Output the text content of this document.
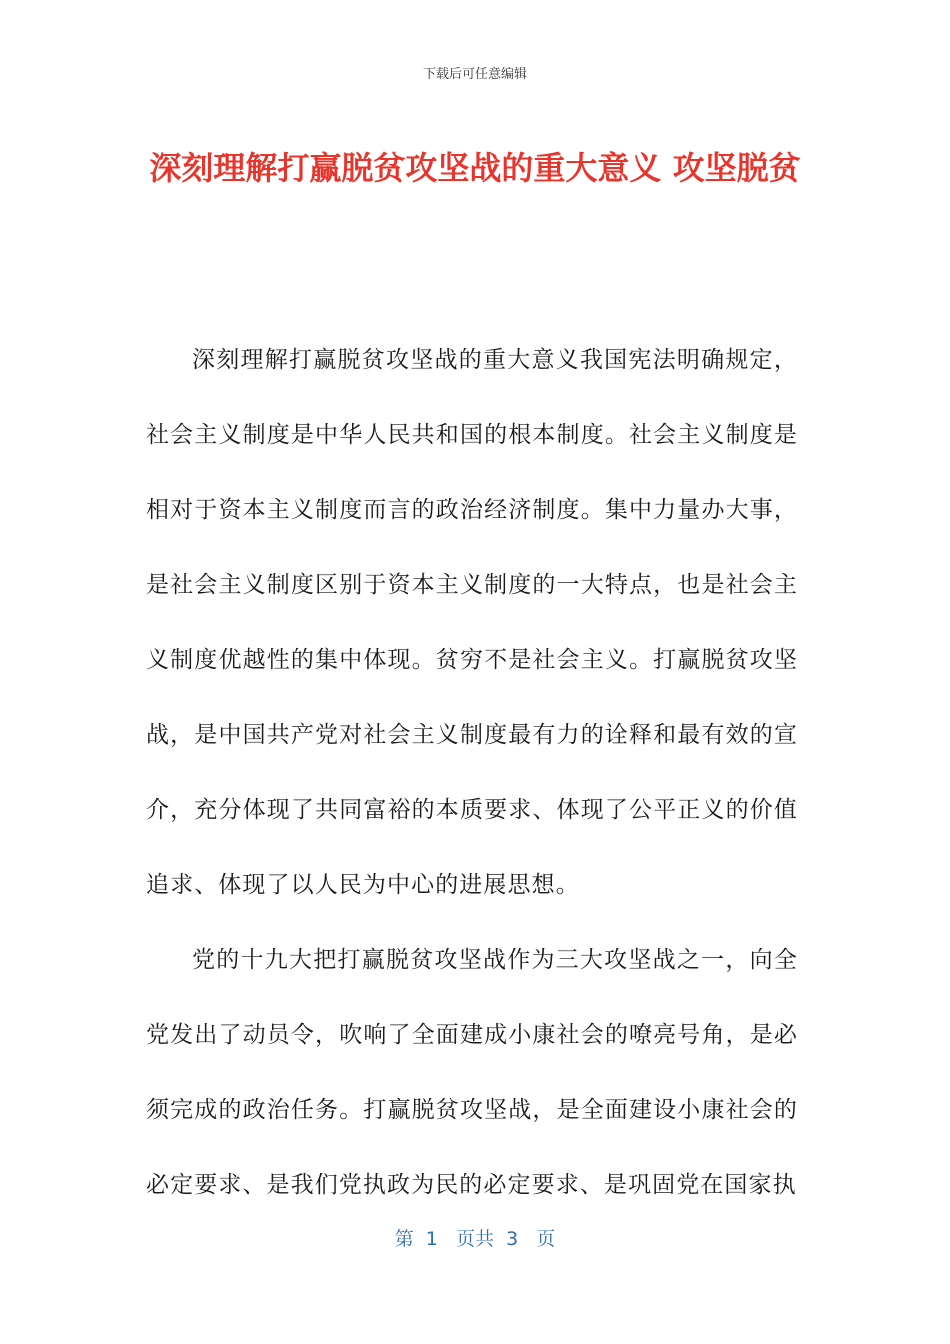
下载后可任意编辑
深刻理解打赢脱贫攻坚战的重大意义 攻坚脱贫

深刻理解打赢脱贫攻坚战的重大意义我国宪法明确规定，社会主义制度是中华人民共和国的根本制度。社会主义制度是相对于资本主义制度而言的政治经济制度。集中力量办大事，是社会主义制度区别于资本主义制度的一大特点，也是社会主义制度优越性的集中体现。贫穷不是社会主义。打赢脱贫攻坚战，是中国共产党对社会主义制度最有力的诠释和最有效的宣介，充分体现了共同富裕的本质要求、体现了公平正义的价值追求、体现了以人民为中心的进展思想。

党的十九大把打赢脱贫攻坚战作为三大攻坚战之一，向全党发出了动员令，吹响了全面建成小康社会的嘹亮号角，是必须完成的政治任务。打赢脱贫攻坚战，是全面建设小康社会的必定要求、是我们党执政为民的必定要求、是巩固党在国家执

第  1   页共  3   页
